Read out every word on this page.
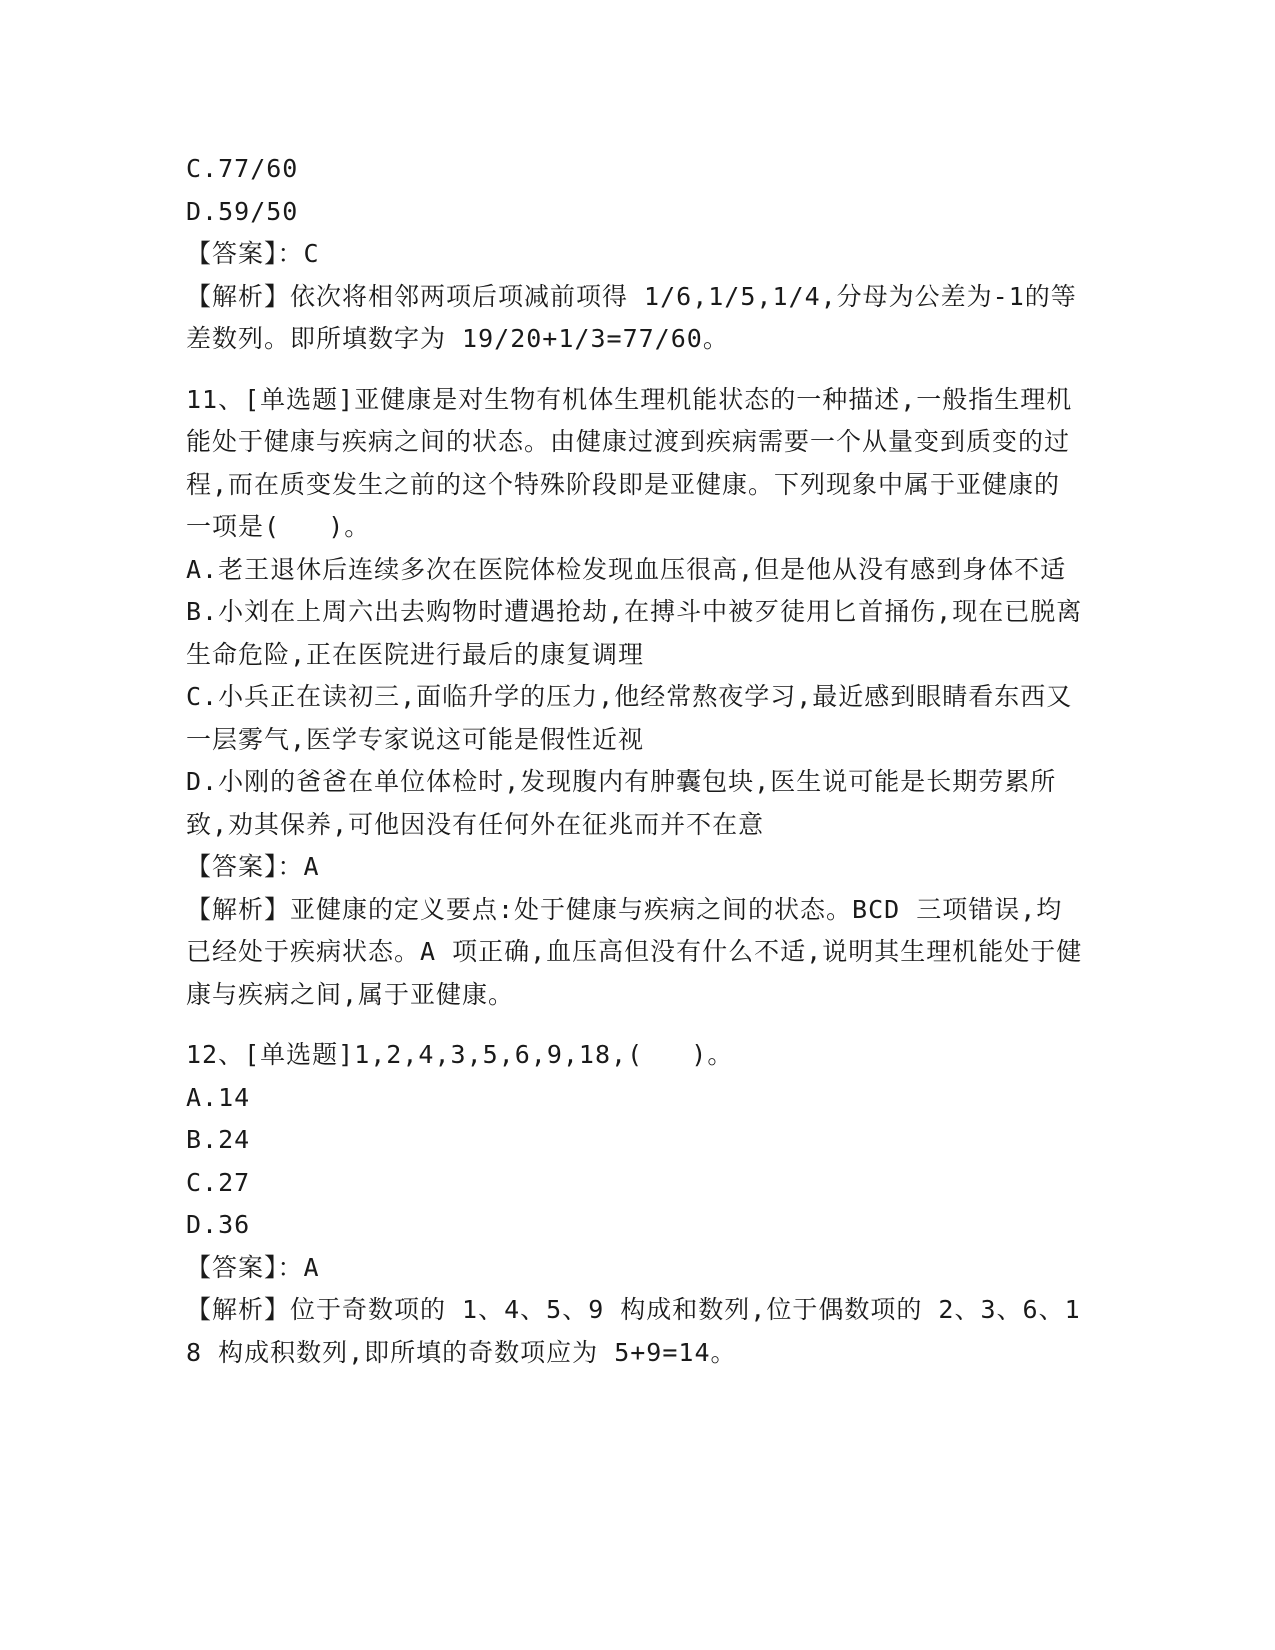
C.77/60
D.59/50
【答案】：C
【解析】依次将相邻两项后项减前项得 1/6,1/5,1/4,分母为公差为-1的等差数列。即所填数字为 19/20+1/3=77/60。
11、[单选题]亚健康是对生物有机体生理机能状态的一种描述,一般指生理机能处于健康与疾病之间的状态。由健康过渡到疾病需要一个从量变到质变的过程,而在质变发生之前的这个特殊阶段即是亚健康。下列现象中属于亚健康的一项是(   )。
A.老王退休后连续多次在医院体检发现血压很高,但是他从没有感到身体不适
B.小刘在上周六出去购物时遭遇抢劫,在搏斗中被歹徒用匕首捅伤,现在已脱离生命危险,正在医院进行最后的康复调理
C.小兵正在读初三,面临升学的压力,他经常熬夜学习,最近感到眼睛看东西又一层雾气,医学专家说这可能是假性近视
D.小刚的爸爸在单位体检时,发现腹内有肿囊包块,医生说可能是长期劳累所致,劝其保养,可他因没有任何外在征兆而并不在意
【答案】：A
【解析】亚健康的定义要点:处于健康与疾病之间的状态。BCD 三项错误,均已经处于疾病状态。A 项正确,血压高但没有什么不适,说明其生理机能处于健康与疾病之间,属于亚健康。
12、[单选题]1,2,4,3,5,6,9,18,(   )。
A.14
B.24
C.27
D.36
【答案】：A
【解析】位于奇数项的 1、4、5、9 构成和数列,位于偶数项的 2、3、6、18 构成积数列,即所填的奇数项应为 5+9=14。
